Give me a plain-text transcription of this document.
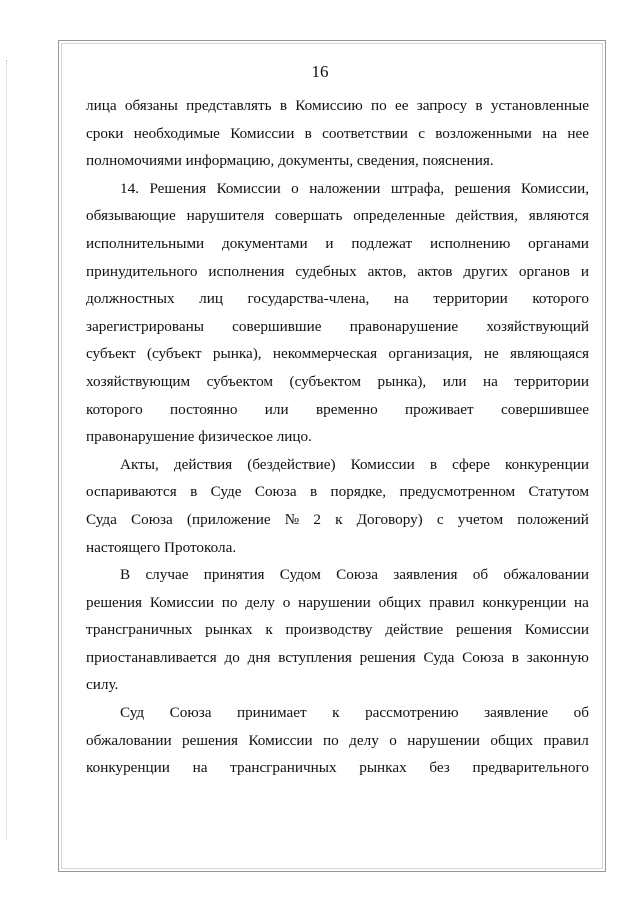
16

лица обязаны представлять в Комиссию по ее запросу в установленные
сроки необходимые Комиссии в соответствии с возложенными на нее
полномочиями информацию, документы, сведения, пояснения.

14. Решения Комиссии о наложении штрафа, решения Комиссии,
обязывающие нарушителя совершать определенные действия, являются
исполнительными документами и подлежат исполнению органами
принудительного исполнения судебных актов, актов других органов и
должностных лиц государства-члена, на территории которого
зарегистрированы совершившие правонарушение хозяйствующий
субъект (субъект рынка), некоммерческая организация, не являющаяся
хозяйствующим субъектом (субъектом рынка), или на территории
которого постоянно или временно проживает совершившее
правонарушение физическое лицо.

Акты, действия (бездействие) Комиссии в сфере конкуренции
оспариваются в Суде Союза в порядке, предусмотренном Статутом
Суда Союза (приложение № 2 к Договору) с учетом положений
настоящего Протокола.

В случае принятия Судом Союза заявления об обжаловании
решения Комиссии по делу о нарушении общих правил конкуренции на
трансграничных рынках к производству действие решения Комиссии
приостанавливается до дня вступления решения Суда Союза в законную
силу.

Суд Союза принимает к рассмотрению заявление об
обжаловании решения Комиссии по делу о нарушении общих правил
конкуренции на трансграничных рынках без предварительного
